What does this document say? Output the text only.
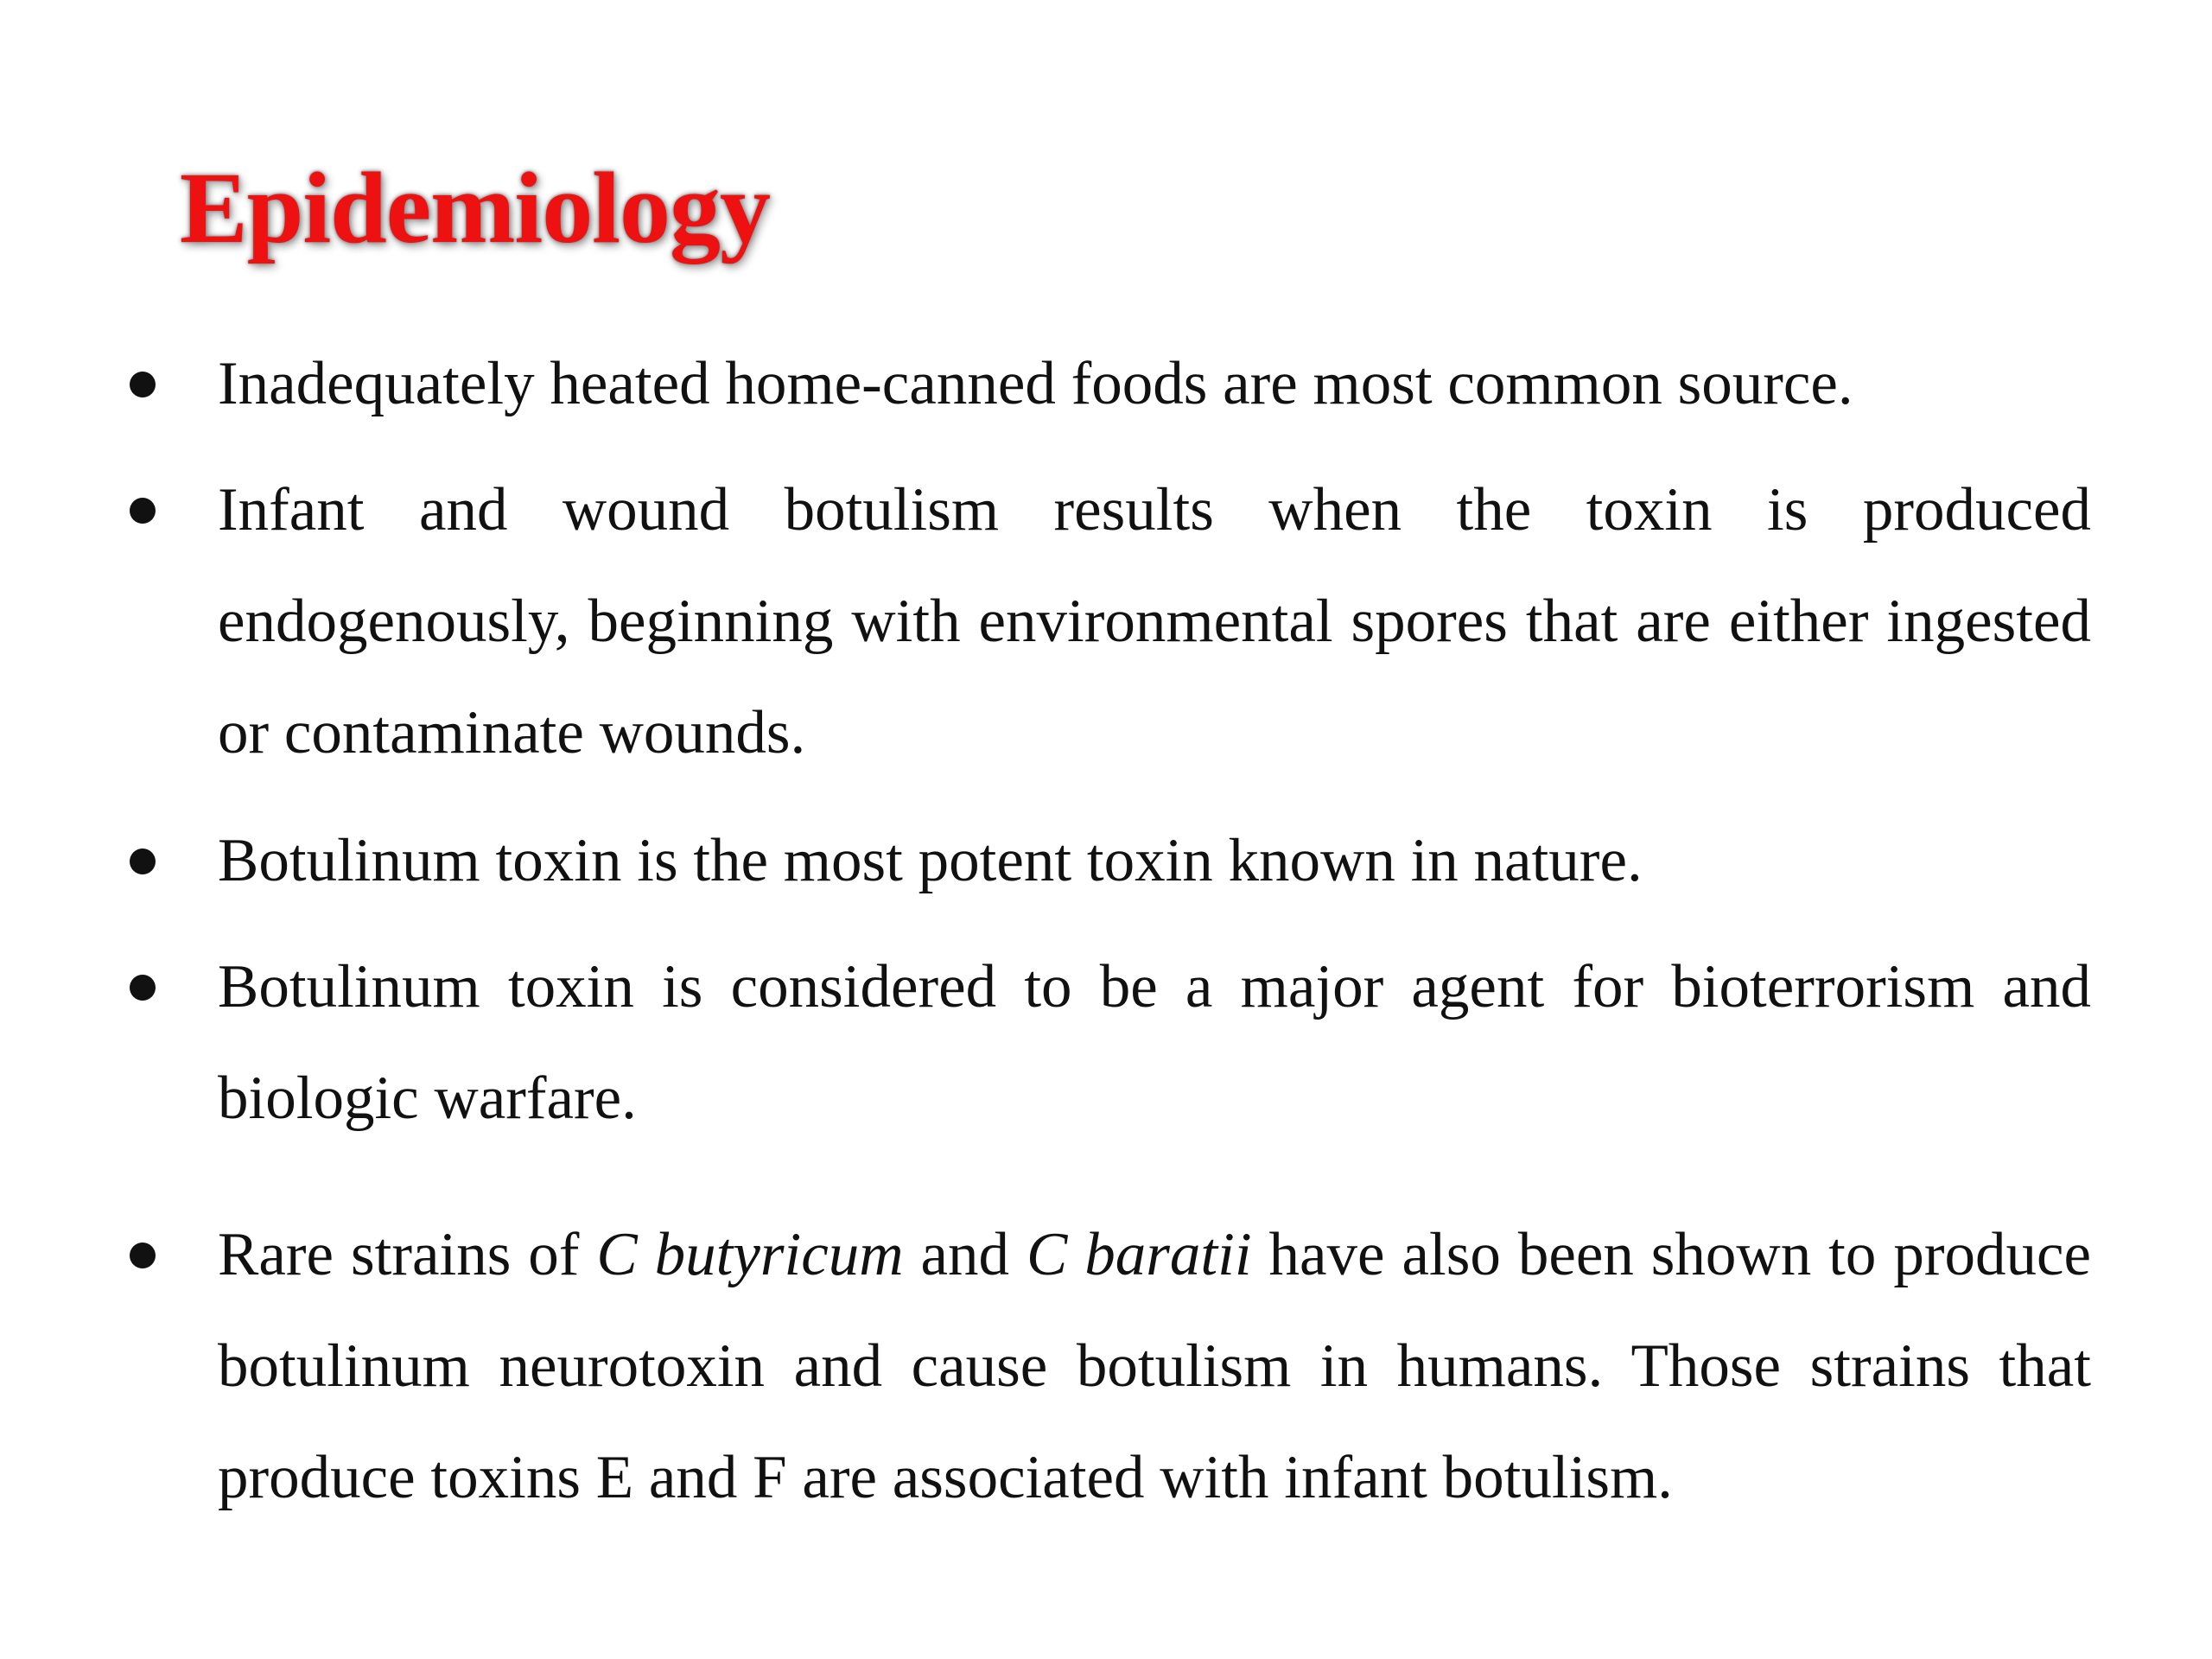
Epidemiology
Inadequately heated home-canned foods are most common source.
Infant and wound botulism results when the toxin is produced endogenously, beginning with environmental spores that are either ingested or contaminate wounds.
Botulinum toxin is the most potent toxin known in nature.
Botulinum toxin is considered to be a major agent for bioterrorism and biologic warfare.
Rare strains of C butyricum and C baratii have also been shown to produce botulinum neurotoxin and cause botulism in humans. Those strains that produce toxins E and F are associated with infant botulism.
